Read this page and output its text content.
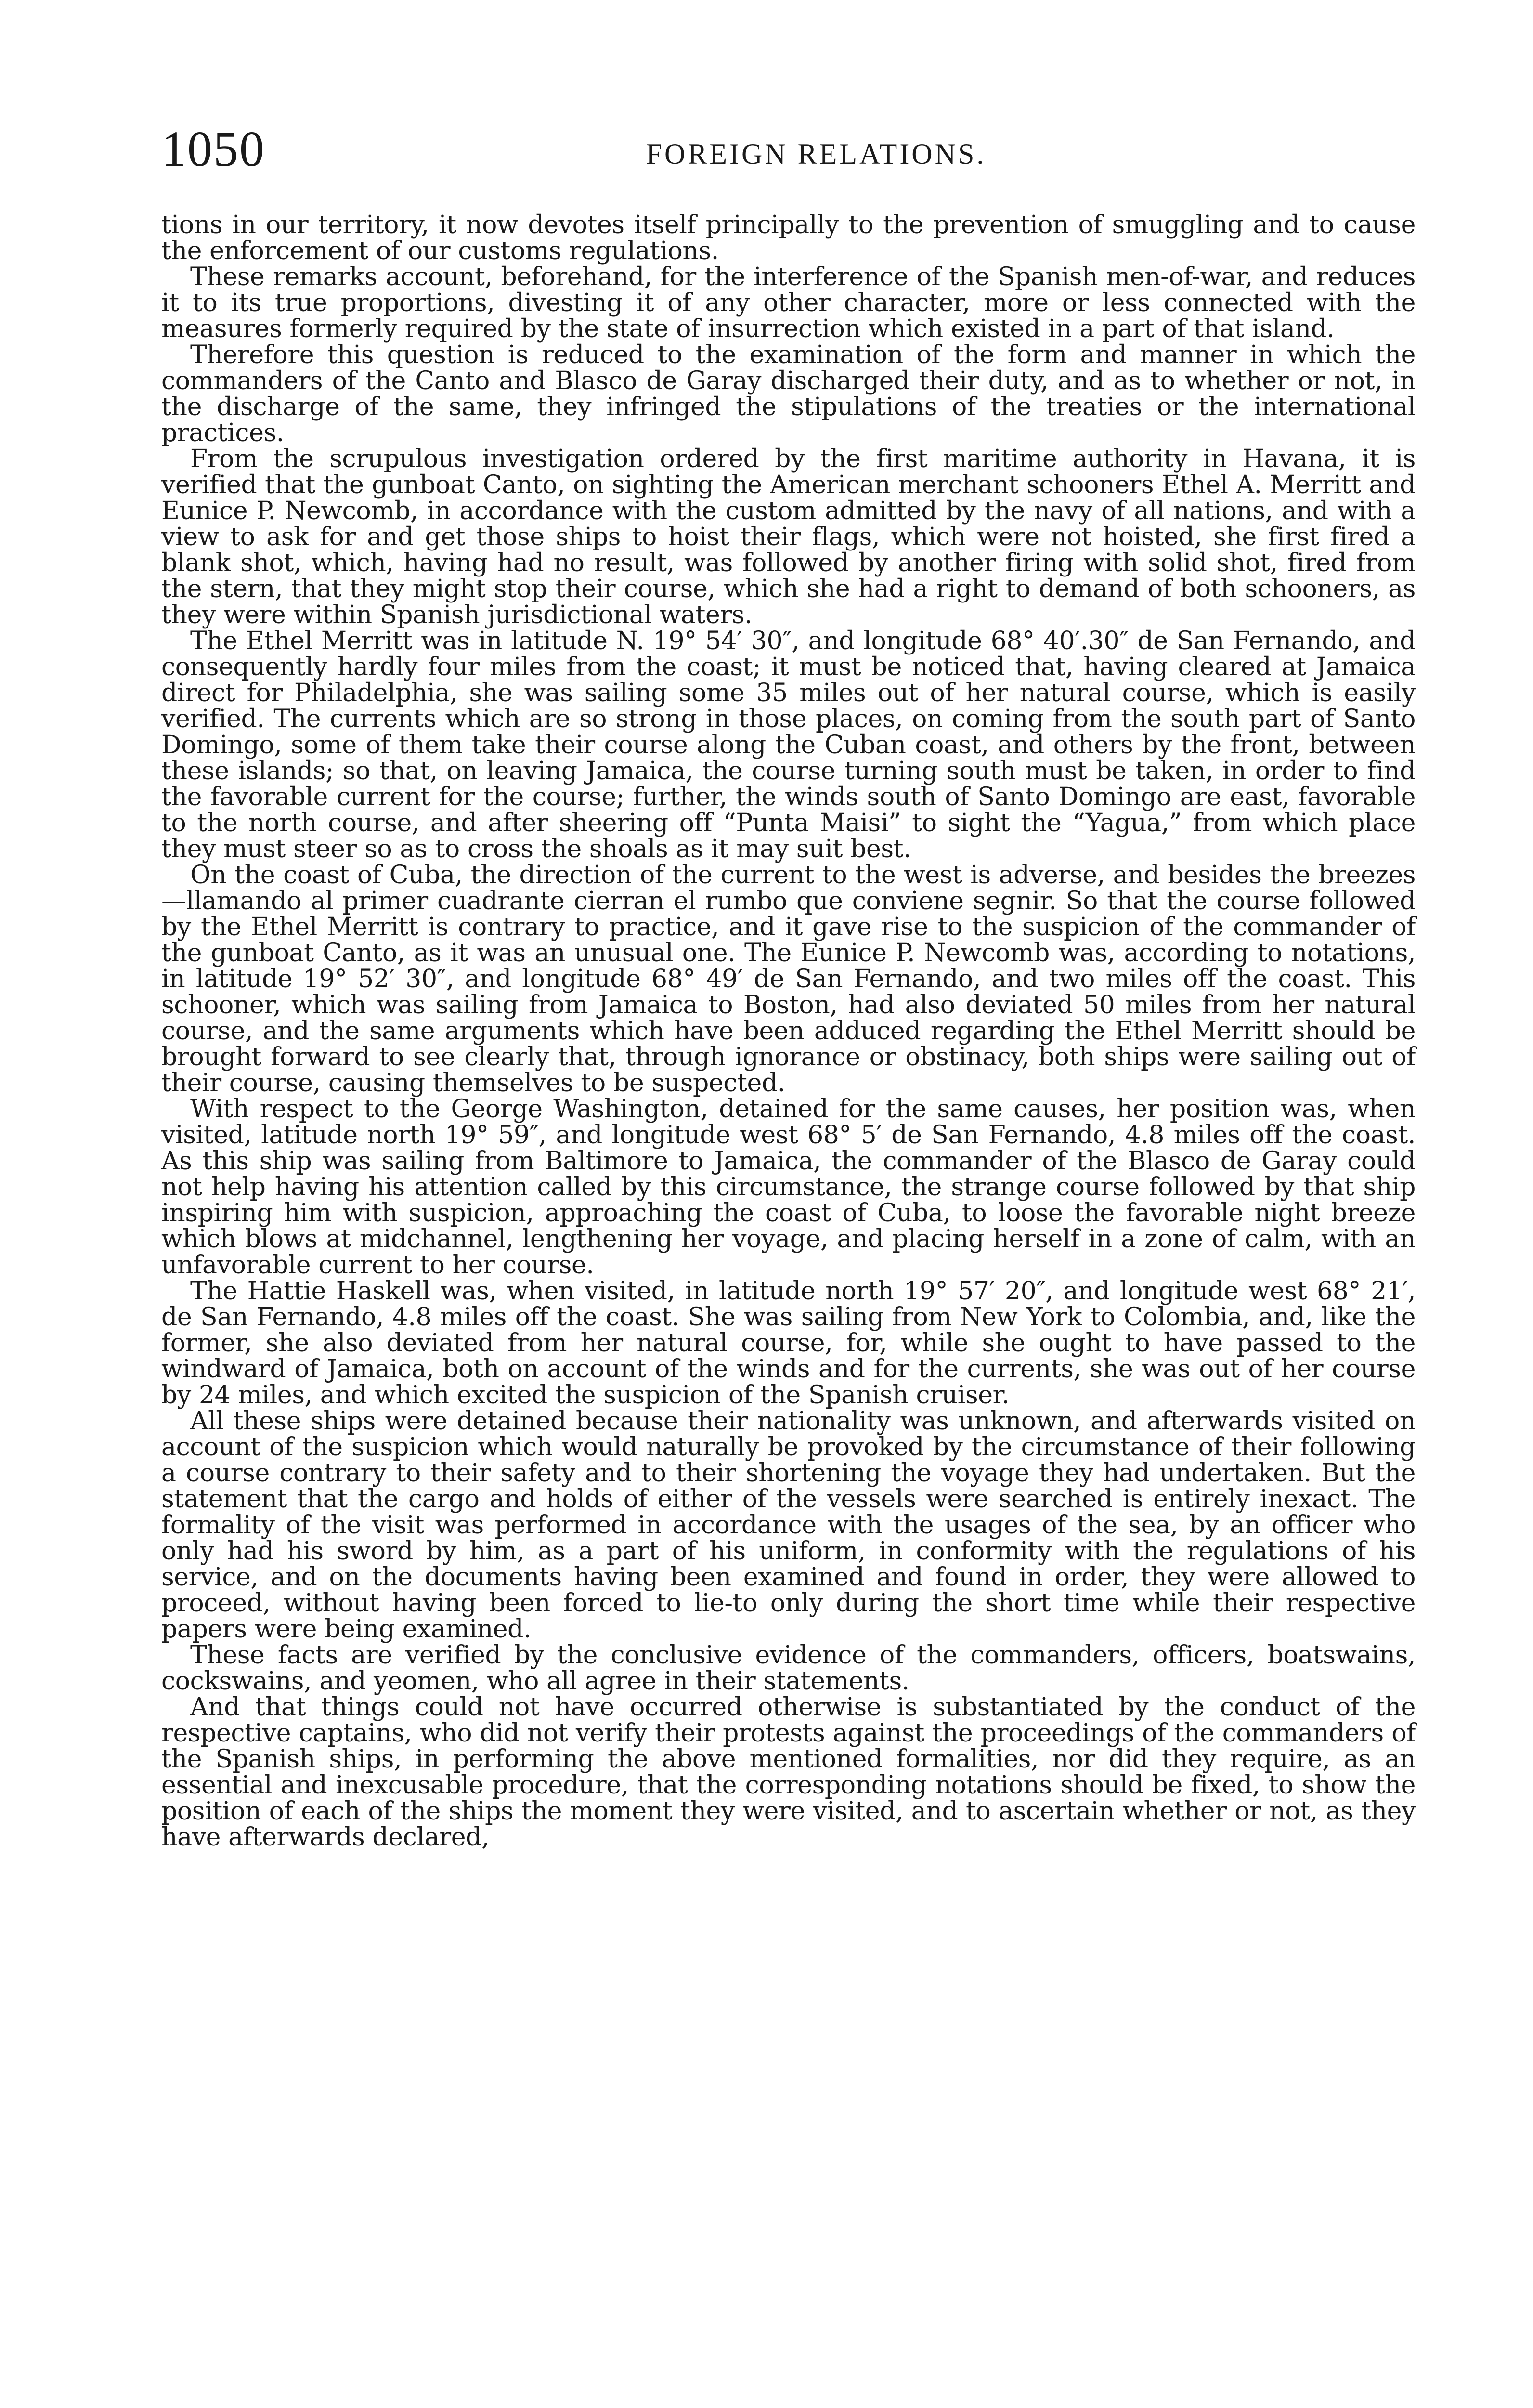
1050	FOREIGN RELATIONS.

tions in our territory, it now devotes itself principally to the prevention of smuggling and to cause the enforcement of our customs regulations.

These remarks account, beforehand, for the interference of the Spanish men-of-war, and reduces it to its true proportions, divesting it of any other character, more or less connected with the measures formerly required by the state of insurrection which existed in a part of that island.

Therefore this question is reduced to the examination of the form and manner in which the commanders of the Canto and Blasco de Garay discharged their duty, and as to whether or not, in the discharge of the same, they infringed the stipulations of the treaties or the international practices.

From the scrupulous investigation ordered by the first maritime authority in Havana, it is verified that the gunboat Canto, on sighting the American merchant schooners Ethel A. Merritt and Eunice P. Newcomb, in accordance with the custom admitted by the navy of all nations, and with a view to ask for and get those ships to hoist their flags, which were not hoisted, she first fired a blank shot, which, having had no result, was followed by another firing with solid shot, fired from the stern, that they might stop their course, which she had a right to demand of both schooners, as they were within Spanish jurisdictional waters.

The Ethel Merritt was in latitude N. 19° 54′ 30″, and longitude 68° 40′.30″ de San Fernando, and consequently hardly four miles from the coast; it must be noticed that, having cleared at Jamaica direct for Philadelphia, she was sailing some 35 miles out of her natural course, which is easily verified. The currents which are so strong in those places, on coming from the south part of Santo Domingo, some of them take their course along the Cuban coast, and others by the front, between these islands; so that, on leaving Jamaica, the course turning south must be taken, in order to find the favorable current for the course; further, the winds south of Santo Domingo are east, favorable to the north course, and after sheering off “Punta Maisi” to sight the “Yagua,” from which place they must steer so as to cross the shoals as it may suit best.

On the coast of Cuba, the direction of the current to the west is adverse, and besides the breezes—llamando al primer cuadrante cierran el rumbo que conviene segnir. So that the course followed by the Ethel Merritt is contrary to practice, and it gave rise to the suspicion of the commander of the gunboat Canto, as it was an unusual one. The Eunice P. Newcomb was, according to notations, in latitude 19° 52′ 30″, and longitude 68° 49′ de San Fernando, and two miles off the coast. This schooner, which was sailing from Jamaica to Boston, had also deviated 50 miles from her natural course, and the same arguments which have been adduced regarding the Ethel Merritt should be brought forward to see clearly that, through ignorance or obstinacy, both ships were sailing out of their course, causing themselves to be suspected.

With respect to the George Washington, detained for the same causes, her position was, when visited, latitude north 19° 59″, and longitude west 68° 5′ de San Fernando, 4.8 miles off the coast. As this ship was sailing from Baltimore to Jamaica, the commander of the Blasco de Garay could not help having his attention called by this circumstance, the strange course followed by that ship inspiring him with suspicion, approaching the coast of Cuba, to loose the favorable night breeze which blows at midchannel, lengthening her voyage, and placing herself in a zone of calm, with an unfavorable current to her course.

The Hattie Haskell was, when visited, in latitude north 19° 57′ 20″, and longitude west 68° 21′, de San Fernando, 4.8 miles off the coast. She was sailing from New York to Colombia, and, like the former, she also deviated from her natural course, for, while she ought to have passed to the windward of Jamaica, both on account of the winds and for the currents, she was out of her course by 24 miles, and which excited the suspicion of the Spanish cruiser.

All these ships were detained because their nationality was unknown, and afterwards visited on account of the suspicion which would naturally be provoked by the circumstance of their following a course contrary to their safety and to their shortening the voyage they had undertaken. But the statement that the cargo and holds of either of the vessels were searched is entirely inexact. The formality of the visit was performed in accordance with the usages of the sea, by an officer who only had his sword by him, as a part of his uniform, in conformity with the regulations of his service, and on the documents having been examined and found in order, they were allowed to proceed, without having been forced to lie-to only during the short time while their respective papers were being examined.

These facts are verified by the conclusive evidence of the commanders, officers, boatswains, cockswains, and yeomen, who all agree in their statements.

And that things could not have occurred otherwise is substantiated by the conduct of the respective captains, who did not verify their protests against the proceedings of the commanders of the Spanish ships, in performing the above mentioned formalities, nor did they require, as an essential and inexcusable procedure, that the corresponding notations should be fixed, to show the position of each of the ships the moment they were visited, and to ascertain whether or not, as they have afterwards declared,
